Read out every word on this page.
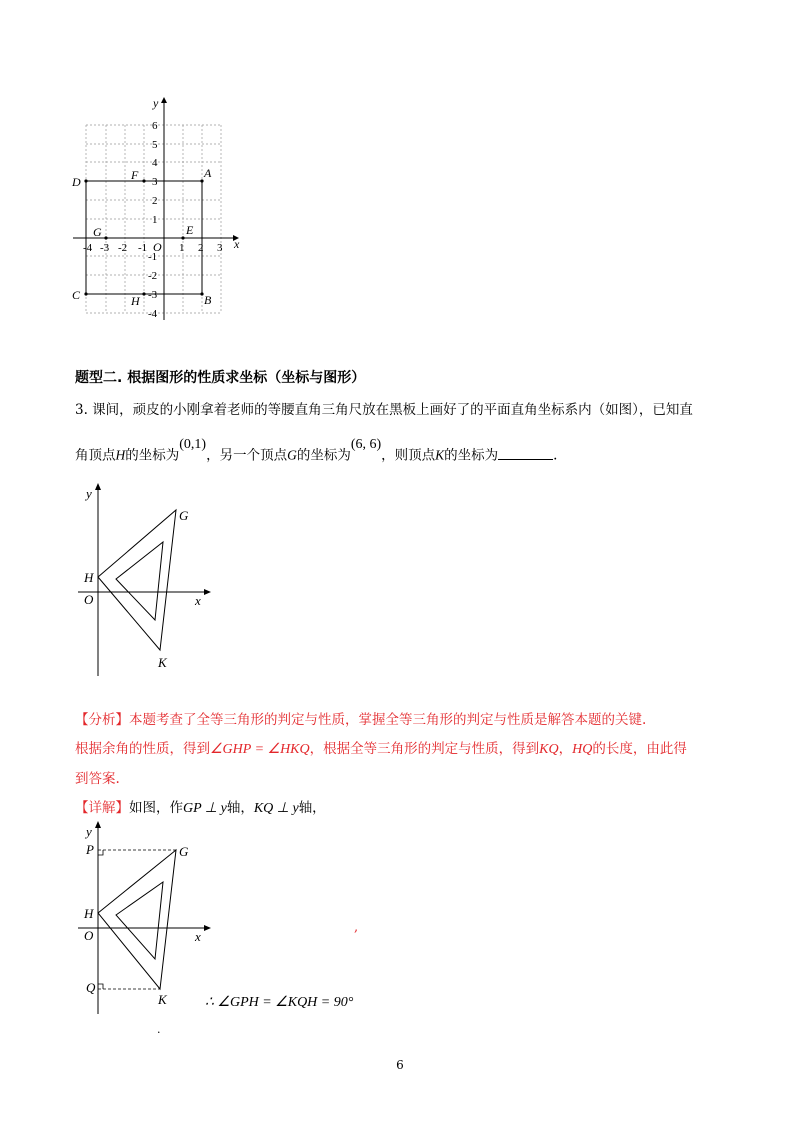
6
5
4
3
2
1
-1
-2
-3
-4
-4 -3 -2 -1	1 2 3 x
y
O
A
B
C
D
E
F
G
H
题型二. 根据图形的性质求坐标（坐标与图形）
3. 课间，顽皮的小刚拿着老师的等腰直角三角尺放在黑板上画好了的平面直角坐标系内（如图），已知直
角顶点H的坐标为$^{(0,1)}$，另一个顶点G的坐标为$^{(6, 6)}$，则顶点K的坐标为	.
y
G
H
O	x
K
【分析】本题考查了全等三角形的判定与性质，掌握全等三角形的判定与性质是解答本题的关键.
根据余角的性质，得到∠GHP = ∠HKQ，根据全等三角形的判定与性质，得到KQ，HQ的长度，由此得
到答案.
【详解】如图，作GP ⊥ y轴，KQ ⊥ y轴，
y
P	G
H
O	x
Q
K
,
∴ ∠GPH = ∠KQH = 90°
.
6
